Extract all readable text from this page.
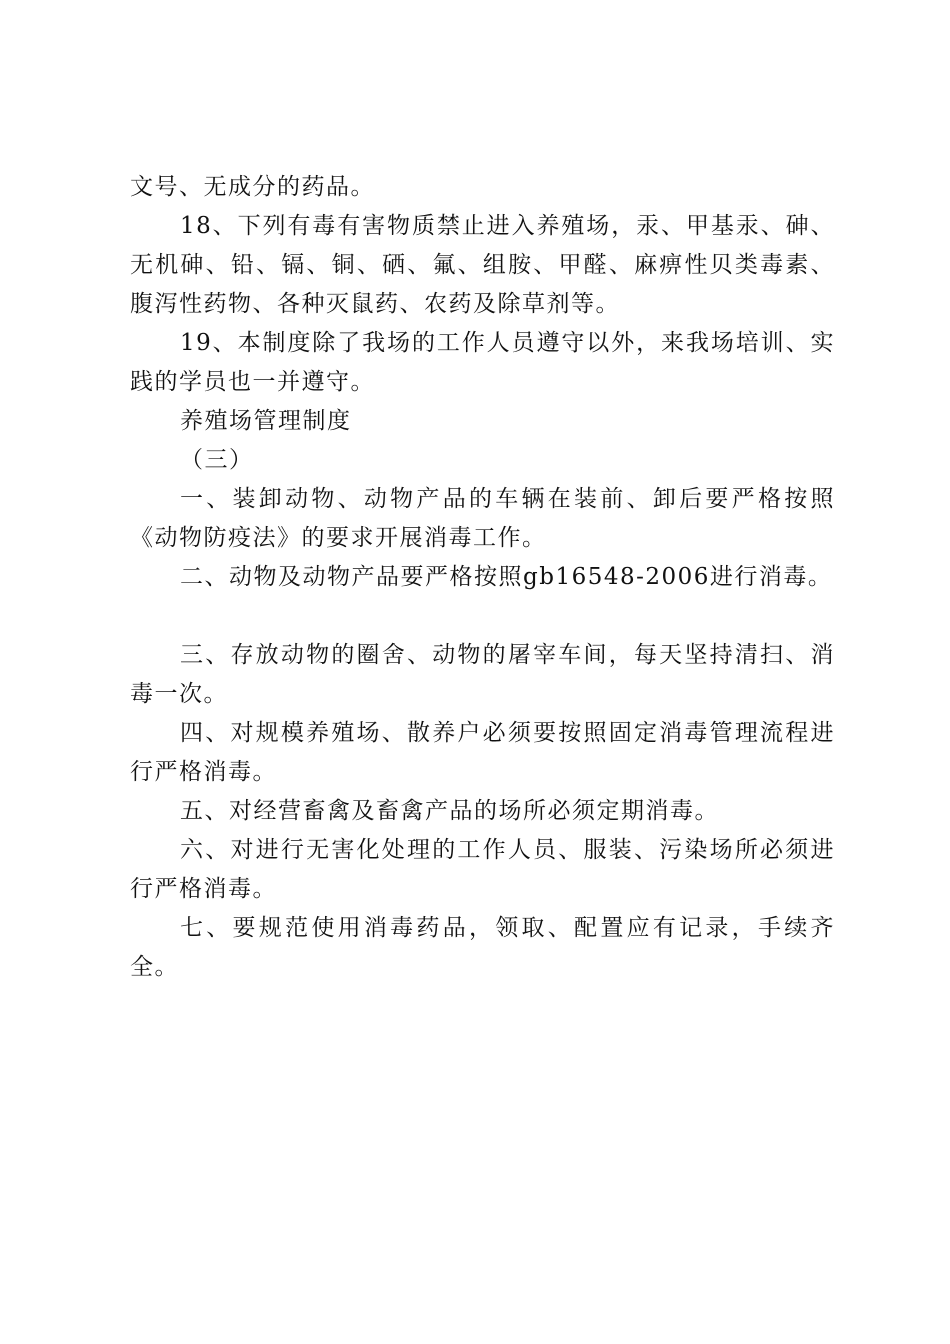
文号、无成分的药品。

18、下列有毒有害物质禁止进入养殖场，汞、甲基汞、砷、无机砷、铅、镉、铜、硒、氟、组胺、甲醛、麻痹性贝类毒素、腹泻性药物、各种灭鼠药、农药及除草剂等。

19、本制度除了我场的工作人员遵守以外，来我场培训、实践的学员也一并遵守。

养殖场管理制度

（三）

一、装卸动物、动物产品的车辆在装前、卸后要严格按照《动物防疫法》的要求开展消毒工作。

二、动物及动物产品要严格按照gb16548-2006进行消毒。

三、存放动物的圈舍、动物的屠宰车间，每天坚持清扫、消毒一次。

四、对规模养殖场、散养户必须要按照固定消毒管理流程进行严格消毒。

五、对经营畜禽及畜禽产品的场所必须定期消毒。

六、对进行无害化处理的工作人员、服装、污染场所必须进行严格消毒。

七、要规范使用消毒药品，领取、配置应有记录，手续齐全。
